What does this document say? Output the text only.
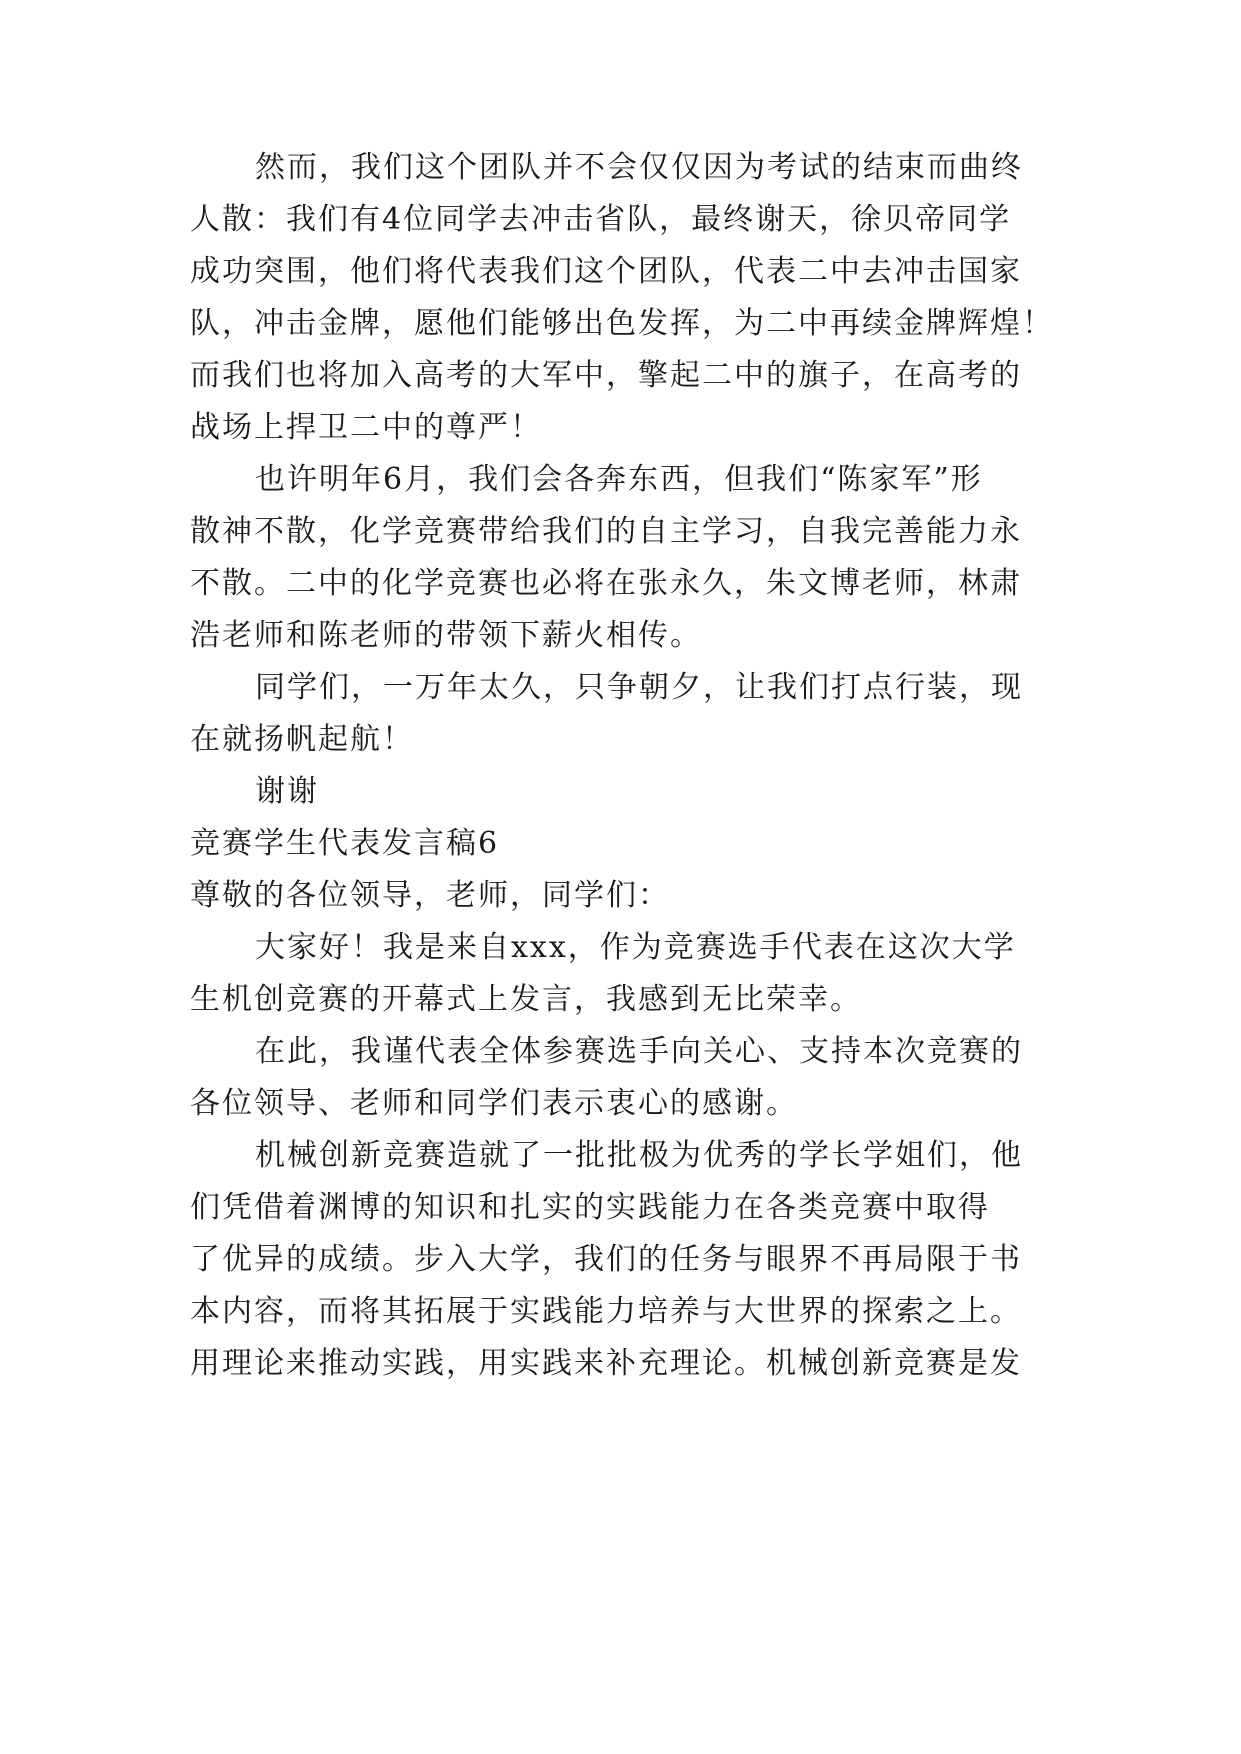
然而，我们这个团队并不会仅仅因为考试的结束而曲终
人散：我们有4位同学去冲击省队，最终谢天，徐贝帝同学
成功突围，他们将代表我们这个团队，代表二中去冲击国家
队，冲击金牌，愿他们能够出色发挥，为二中再续金牌辉煌！
而我们也将加入高考的大军中，擎起二中的旗子，在高考的
战场上捍卫二中的尊严！
也许明年6月，我们会各奔东西，但我们“陈家军”形
散神不散，化学竞赛带给我们的自主学习，自我完善能力永
不散。二中的化学竞赛也必将在张永久，朱文博老师，林肃
浩老师和陈老师的带领下薪火相传。
同学们，一万年太久，只争朝夕，让我们打点行装，现
在就扬帆起航！
谢谢
竞赛学生代表发言稿6
尊敬的各位领导，老师，同学们：
大家好！我是来自xxx，作为竞赛选手代表在这次大学
生机创竞赛的开幕式上发言，我感到无比荣幸。
在此，我谨代表全体参赛选手向关心、支持本次竞赛的
各位领导、老师和同学们表示衷心的感谢。
机械创新竞赛造就了一批批极为优秀的学长学姐们，他
们凭借着渊博的知识和扎实的实践能力在各类竞赛中取得
了优异的成绩。步入大学，我们的任务与眼界不再局限于书
本内容，而将其拓展于实践能力培养与大世界的探索之上。
用理论来推动实践，用实践来补充理论。机械创新竞赛是发
